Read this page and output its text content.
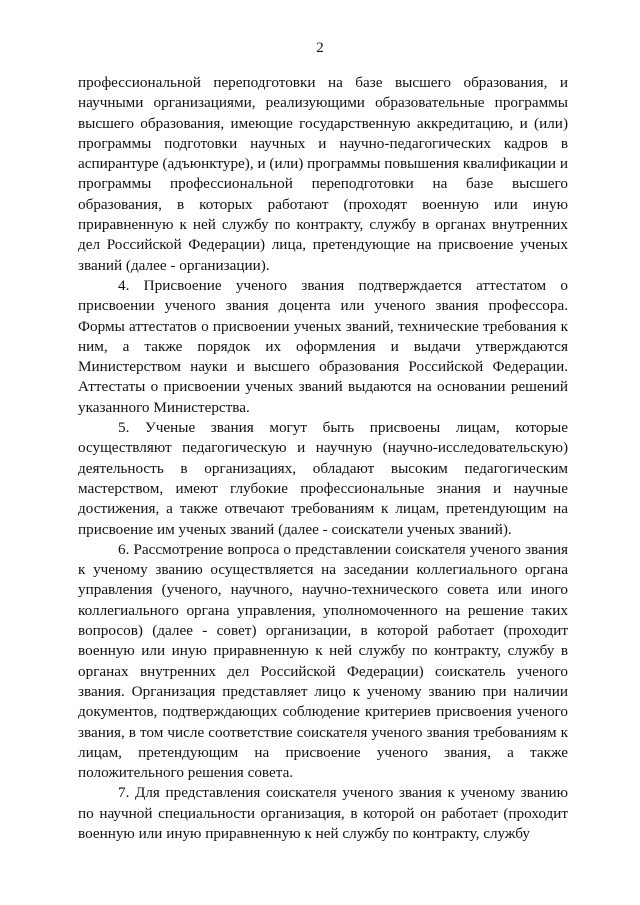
2

профессиональной переподготовки на базе высшего образования, и научными организациями, реализующими образовательные программы высшего образования, имеющие государственную аккредитацию, и (или) программы подготовки научных и научно-педагогических кадров в аспирантуре (адъюнктуре), и (или) программы повышения квалификации и программы профессиональной переподготовки на базе высшего образования, в которых работают (проходят военную или иную приравненную к ней службу по контракту, службу в органах внутренних дел Российской Федерации) лица, претендующие на присвоение ученых званий (далее - организации).

4. Присвоение ученого звания подтверждается аттестатом о присвоении ученого звания доцента или ученого звания профессора. Формы аттестатов о присвоении ученых званий, технические требования к ним, а также порядок их оформления и выдачи утверждаются Министерством науки и высшего образования Российской Федерации. Аттестаты о присвоении ученых званий выдаются на основании решений указанного Министерства.

5. Ученые звания могут быть присвоены лицам, которые осуществляют педагогическую и научную (научно-исследовательскую) деятельность в организациях, обладают высоким педагогическим мастерством, имеют глубокие профессиональные знания и научные достижения, а также отвечают требованиям к лицам, претендующим на присвоение им ученых званий (далее - соискатели ученых званий).

6. Рассмотрение вопроса о представлении соискателя ученого звания к ученому званию осуществляется на заседании коллегиального органа управления (ученого, научного, научно-технического совета или иного коллегиального органа управления, уполномоченного на решение таких вопросов) (далее - совет) организации, в которой работает (проходит военную или иную приравненную к ней службу по контракту, службу в органах внутренних дел Российской Федерации) соискатель ученого звания. Организация представляет лицо к ученому званию при наличии документов, подтверждающих соблюдение критериев присвоения ученого звания, в том числе соответствие соискателя ученого звания требованиям к лицам, претендующим на присвоение ученого звания, а также положительного решения совета.

7. Для представления соискателя ученого звания к ученому званию по научной специальности организация, в которой он работает (проходит военную или иную приравненную к ней службу по контракту, службу
